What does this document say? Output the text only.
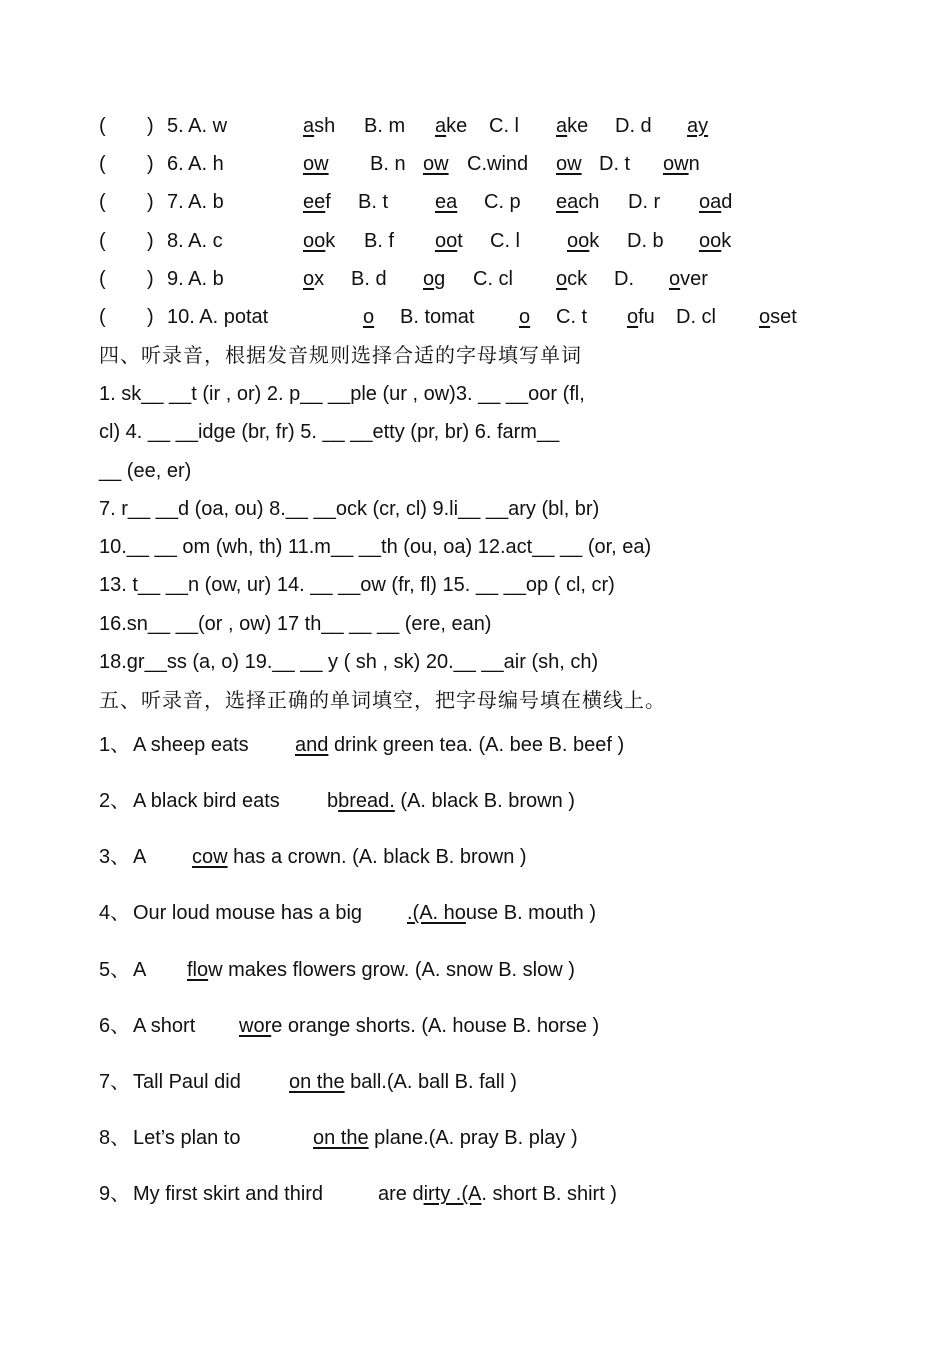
( ) 5. A. w	ash B. m ake C. l ake D. d ay
( ) 6. A. h	ow B. n ow C.wind ow D. t own
( ) 7. A. b	eef B. t ea C. p each D. r oad
( ) 8. A. c	ook B. f oot C. l ook D. b ook
( ) 9. A. b	ox B. d og C. cl ock D.	over
( ) 10. A. potat	o B. tomat o C. t ofu D. cl oset
四、听录音，根据发音规则选择合适的字母填写单词
1. sk__ __t (ir , or) 2. p__ __ple (ur , ow)3. __ __oor (fl,
cl) 4. __ __idge (br, fr) 5. __ __etty (pr, br) 6. farm__
__ (ee, er)
7. r__ __d (oa, ou) 8.__ __ock (cr, cl) 9.li__ __ary (bl, br)
10.__ __ om (wh, th) 11.m__ __th (ou, oa) 12.act__ __ (or, ea)
13. t__ __n (ow, ur) 14. __ __ow (fr, fl) 15. __ __op ( cl, cr)
16.sn__ __(or , ow) 17 th__ __ __ (ere, ean)
18.gr__ss (a, o) 19.__ __ y ( sh , sk) 20.__ __air (sh, ch)
五、听录音，选择正确的单词填空，把字母编号填在横线上。
1、 A sheep eats	and drink green tea. (A. bee B. beef )
2、 A black bird eats bbread. (A. black B. brown )
3、 A	cow has a crown. (A. black B. brown )
4、 Our loud mouse has a big .(A. house B. mouth )
5、 A	flow makes flowers grow. (A. snow B. slow )
6、 A short	wore orange shorts. (A. house B. horse )
7、 Tall Paul did on the ball.(A. ball B. fall )
8、 Let’s plan to	on the plane.(A. pray B. play )
9、 My first skirt and third	are dirty .(A. short B. shirt )
